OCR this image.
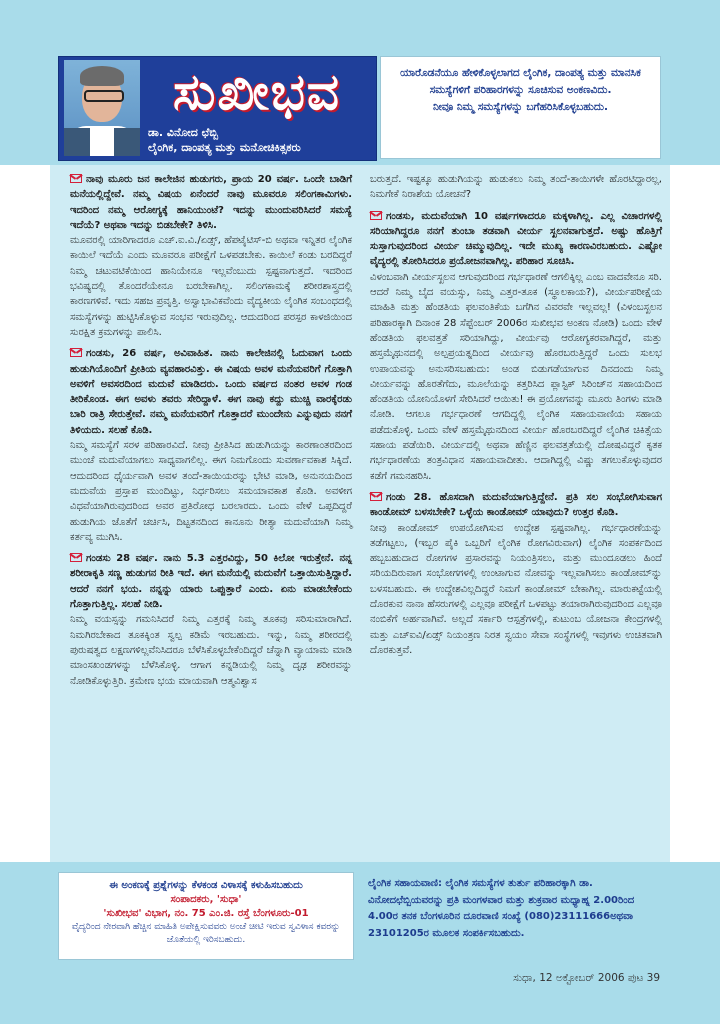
ಸುಖೀಭವ
ಡಾ. ವಿನೋದ ಛೆಬ್ಬಿ
ಲೈಂಗಿಕ, ದಾಂಪತ್ಯ ಮತ್ತು ಮನೋಚಿಕಿತ್ಸಕರು
ಯಾರೊಡನೆಯೂ ಹೇಳಿಕೊಳ್ಳಲಾಗದ ಲೈಂಗಿಕ, ದಾಂಪತ್ಯ ಮತ್ತು ಮಾನಸಿಕ ಸಮಸ್ಯೆಗಳಿಗೆ ಪರಿಹಾರಗಳನ್ನು ಸೂಚಿಸುವ ಅಂಕಣವಿದು.
ನೀವೂ ನಿಮ್ಮ ಸಮಸ್ಯೆಗಳನ್ನು ಬಗೆಹರಿಸಿಕೊಳ್ಳಬಹುದು.

ನಾವು ಮೂರು ಜನ ಕಾಲೇಜಿನ ಹುಡುಗರು, ಪ್ರಾಯ 20 ವರ್ಷ. ಒಂದೇ ಬಾಡಿಗೆ ಮನೆಯಲ್ಲಿದ್ದೇವೆ. ನಮ್ಮ ವಿಷಯ ಏನೆಂದರೆ ನಾವು ಮೂವರೂ ಸಲಿಂಗಕಾಮಿಗಳು. ಇದರಿಂದ ನಮ್ಮ ಆರೋಗ್ಯಕ್ಕೆ ಹಾನಿಯುಂಟೆ? ಇದನ್ನು ಮುಂದುವರಿಸಿದರೆ ಸಮಸ್ಯೆ ಇದೆಯೆ? ಅಥವಾ ಇದನ್ನು ಬಿಡಬೇಕೇ? ತಿಳಿಸಿ.

ಮೂವರಲ್ಲಿ ಯಾರಿಗಾದರೂ ಎಚ್.ಐ.ವಿ./ಏಡ್ಸ್, ಹೆಪಟೈಟಿಸ್-ಬಿ ಅಥವಾ ಇನ್ನಿತರ ಲೈಂಗಿಕ ಕಾಯಿಲೆ ಇದೆಯೆ ಎಂದು ಮೂವರೂ ಪರೀಕ್ಷೆಗೆ ಒಳಪಡಬೇಕು. ಕಾಯಿಲೆ ಕಂಡು ಬರದಿದ್ದರೆ ನಿಮ್ಮ ಚಟುವಟಿಕೆಯಿಂದ ಹಾನಿಯೇನೂ ಇಲ್ಲವೆಂಬುದು ಸ್ಪಷ್ಟವಾಗುತ್ತದೆ. ಇದರಿಂದ ಭವಿಷ್ಯದಲ್ಲಿ ತೊಂದರೆಯೇನೂ ಬರಬೇಕಾಗಿಲ್ಲ. ಸಲಿಂಗಕಾಮಕ್ಕೆ ಶರೀರಶಾಸ್ತ್ರದಲ್ಲಿ ಕಾರಣಗಳಿವೆ. ಇದು ಸಹಜ ಪ್ರವೃತ್ತಿ. ಅಸ್ವಾಭಾವಿಕವೆಂದು ವೈದ್ಯಕೀಯ ಲೈಂಗಿಕ ಸಂಬಂಧದಲ್ಲಿ ಸಮಸ್ಯೆಗಳನ್ನು ಹುಟ್ಟಿಸಿಕೊಳ್ಳುವ ಸಂಭವ ಇರುವುದಿಲ್ಲ. ಆದುದರಿಂದ ಪರಸ್ಪರ ಕಾಳಜಿಯಿಂದ ಸುರಕ್ಷಿತ ಕ್ರಮಗಳನ್ನು ಪಾಲಿಸಿ.

ಗಂಡಸು, 26 ವರ್ಷ, ಅವಿವಾಹಿತ. ನಾನು ಕಾಲೇಜಿನಲ್ಲಿ ಓದುವಾಗ ಒಂದು ಹುಡುಗಿಯೊಂದಿಗೆ ಪ್ರೀತಿಯ ವ್ಯವಹಾರವಿತ್ತು. ಈ ವಿಷಯ ಅವಳ ಮನೆಯವರಿಗೆ ಗೊತ್ತಾಗಿ ಅವಳಿಗೆ ಅವಸರದಿಂದ ಮದುವೆ ಮಾಡಿದರು. ಒಂದು ವರ್ಷದ ನಂತರ ಅವಳ ಗಂಡ ತೀರಿಕೊಂಡ. ಈಗ ಅವಳು ತವರು ಸೇರಿದ್ದಾಳೆ. ಈಗ ನಾವು ಕದ್ದು ಮುಚ್ಚಿ ವಾರಕ್ಕೆರಡು ಬಾರಿ ರಾತ್ರಿ ಸೇರುತ್ತೇವೆ. ನಮ್ಮ ಮನೆಯವರಿಗೆ ಗೊತ್ತಾದರೆ ಮುಂದೇನು ಎನ್ನುವುದು ನನಗೆ ತಿಳಿಯದು. ಸಲಹೆ ಕೊಡಿ.

ನಿಮ್ಮ ಸಮಸ್ಯೆಗೆ ಸರಳ ಪರಿಹಾರವಿದೆ. ನೀವು ಪ್ರೀತಿಸಿದ ಹುಡುಗಿಯನ್ನು ಕಾರಣಾಂತರದಿಂದ ಮುಂಚೆ ಮದುವೆಯಾಗಲು ಸಾಧ್ಯವಾಗಲಿಲ್ಲ. ಈಗ ನಿಮಗೊಂದು ಸುವರ್ಣಾವಕಾಶ ಸಿಕ್ಕಿದೆ. ಆದುದರಿಂದ ಧೈರ್ಯವಾಗಿ ಅವಳ ತಂದೆ-ತಾಯಿಯರನ್ನು ಭೇಟಿ ಮಾಡಿ, ಅನುನಯದಿಂದ ಮದುವೆಯ ಪ್ರಸ್ತಾಪ ಮುಂದಿಟ್ಟು, ನಿರ್ಧರಿಸಲು ಸಮಯಾವಕಾಶ ಕೊಡಿ. ಅವಳೀಗ ವಿಧವೆಯಾಗಿರುವುದರಿಂದ ಅವರ ಪ್ರತಿರೋಧ ಬರಲಾರದು. ಒಂದು ವೇಳೆ ಒಪ್ಪದಿದ್ದರೆ ಹುಡುಗಿಯ ಜೊತೆಗೆ ಚರ್ಚಿಸಿ, ದಿಟ್ಟತನದಿಂದ ಕಾನೂನು ರೀತ್ಯಾ ಮದುವೆಯಾಗಿ ನಿಮ್ಮ ಕರ್ತವ್ಯ ಮುಗಿಸಿ.

ಗಂಡಸು 28 ವರ್ಷ. ನಾನು 5.3 ಎತ್ತರವಿದ್ದು, 50 ಕಿಲೋ ಇರುತ್ತೇನೆ. ನನ್ನ ಶರೀರಾಕೃತಿ ಸಣ್ಣ ಹುಡುಗನ ರೀತಿ ಇದೆ. ಈಗ ಮನೆಯಲ್ಲಿ ಮದುವೆಗೆ ಒತ್ತಾಯಿಸುತ್ತಿದ್ದಾರೆ. ಆದರೆ ನನಗೆ ಭಯ. ನನ್ನನ್ನು ಯಾರು ಒಪ್ಪುತ್ತಾರೆ ಎಂದು. ಏನು ಮಾಡಬೇಕೆಂದು ಗೊತ್ತಾಗುತ್ತಿಲ್ಲ. ಸಲಹೆ ನೀಡಿ.

ನಿಮ್ಮ ವಯಸ್ಸನ್ನು ಗಮನಿಸಿದರೆ ನಿಮ್ಮ ಎತ್ತರಕ್ಕೆ ನಿಮ್ಮ ತೂಕವು ಸರಿಸುಮಾರಾಗಿದೆ. ನಿಮಗಿರಬೇಕಾದ ತೂಕಕ್ಕಿಂತ ಸ್ವಲ್ಪ ಕಡಿಮೆ ಇರಬಹುದು. ಇನ್ನು, ನಿಮ್ಮ ಶರೀರದಲ್ಲಿ ಪುರುಷತ್ವದ ಲಕ್ಷಣಗಳಿಲ್ಲವೆನಿಸಿದರೂ ಬೆಳೆಸಿಕೊಳ್ಳಬೇಕೆಂದಿದ್ದರೆ ಚೆನ್ನಾಗಿ ವ್ಯಾಯಾಮ ಮಾಡಿ ಮಾಂಸಖಂಡಗಳನ್ನು ಬೆಳೆಸಿಕೊಳ್ಳಿ. ಆಗಾಗ ಕನ್ನಡಿಯಲ್ಲಿ ನಿಮ್ಮ ದೃಢ ಶರೀರವನ್ನು ನೋಡಿಕೊಳ್ಳುತ್ತಿರಿ. ಕ್ರಮೇಣ ಭಯ ಮಾಯವಾಗಿ ಆತ್ಮವಿಶ್ವಾಸ

ಬರುತ್ತದೆ. ಇಷ್ಟಕ್ಕೂ ಹುಡುಗಿಯನ್ನು ಹುಡುಕಲು ನಿಮ್ಮ ತಂದೆ-ತಾಯಿಗಳೇ ಹೊರಟಿದ್ದಾರಲ್ಲ, ನಿಮಗೇಕೆ ನಿರಾಶೆಯ ಯೋಚನೆ?

ಗಂಡಸು, ಮದುವೆಯಾಗಿ 10 ವರ್ಷಗಳಾದರೂ ಮಕ್ಕಳಾಗಿಲ್ಲ. ಎಲ್ಲ ವಿಚಾರಗಳಲ್ಲಿ ಸರಿಯಾಗಿದ್ದರೂ ನನಗೆ ತುಂಬಾ ತಡವಾಗಿ ವೀರ್ಯ ಸ್ಖಲನವಾಗುತ್ತದೆ. ಅಷ್ಟು ಹೊತ್ತಿಗೆ ಸುಸ್ತಾಗುವುದರಿಂದ ವೀರ್ಯ ಚಿಮ್ಮುವುದಿಲ್ಲ. ಇದೇ ಮುಖ್ಯ ಕಾರಣವಿರಬಹುದು. ಎಷ್ಟೋ ವೈದ್ಯರಲ್ಲಿ ತೋರಿಸಿದರೂ ಪ್ರಯೋಜನವಾಗಿಲ್ಲ. ಪರಿಹಾರ ಸೂಚಿಸಿ.

ವಿಳಂಬವಾಗಿ ವೀರ್ಯಸ್ಖಲನ ಆಗುವುದರಿಂದ ಗರ್ಭಧಾರಣೆ ಆಗಲಿಕ್ಕಿಲ್ಲ ಎಂಬ ವಾದವೇನೂ ಸರಿ. ಆದರೆ ನಿಮ್ಮ ಬೈದ ವಯಸ್ಸು, ನಿಮ್ಮ ಎತ್ತರ-ತೂಕ (ಸ್ಥೂಲಕಾಯ?), ವೀರ್ಯಪರೀಕ್ಷೆಯ ಮಾಹಿತಿ ಮತ್ತು ಹೆಂಡತಿಯ ಫಲವಂತಿಕೆಯ ಬಗೆಗಿನ ವಿವರವೇ ಇಲ್ಲವಲ್ಲ! (ವಿಳಂಬಸ್ಖಲನ ಪರಿಹಾರಕ್ಕಾಗಿ ದಿನಾಂಕ 28 ಸೆಪ್ಟೆಂಬರ್ 2006ರ ಸುಖೀಭವ ಅಂಕಣ ನೋಡಿ) ಒಂದು ವೇಳೆ ಹೆಂಡತಿಯ ಫಲವತ್ತತೆ ಸರಿಯಾಗಿದ್ದು, ವೀರ್ಯವು ಆರೋಗ್ಯಕರವಾಗಿದ್ದರೆ, ಮತ್ತು ಹಸ್ತಮೈಥುನದಲ್ಲಿ ಅಲ್ಪಪ್ರಯತ್ನದಿಂದ ವೀರ್ಯವು ಹೊರಬರುತ್ತಿದ್ದರೆ ಒಂದು ಸುಲಭ ಉಪಾಯವನ್ನು ಅನುಸರಿಸಬಹುದು: ಅಂಡ ಬಿಡುಗಡೆಯಾಗುವ ದಿನದಂದು ನಿಮ್ಮ ವೀರ್ಯವನ್ನು ಹೊರತೆಗೆದು, ಮೂಲೆಯನ್ನು ಕತ್ತರಿಸಿದ ಪ್ಲಾಸ್ಟಿಕ್ ಸಿರಿಂಜ್‌ನ ಸಹಾಯದಿಂದ ಹೆಂಡತಿಯ ಯೋನಿಯೊಳಗೆ ಸೇರಿಸಿದರೆ ಆಯಿತು! ಈ ಪ್ರಯೋಗವನ್ನು ಮೂರು ತಿಂಗಳು ಮಾಡಿ ನೋಡಿ. ಆಗಲೂ ಗರ್ಭಧಾರಣೆ ಆಗದಿದ್ದಲ್ಲಿ ಲೈಂಗಿಕ ಸಹಾಯವಾಣಿಯ ಸಹಾಯ ಪಡೆದುಕೊಳ್ಳಿ. ಒಂದು ವೇಳೆ ಹಸ್ತಮೈಥುನದಿಂದ ವೀರ್ಯ ಹೊರಬರದಿದ್ದರೆ ಲೈಂಗಿಕ ಚಿಕಿತ್ಸೆಯ ಸಹಾಯ ಪಡೆಯಿರಿ. ವೀರ್ಯದಲ್ಲಿ ಅಥವಾ ಹೆಣ್ಣಿನ ಫಲವತ್ತತೆಯಲ್ಲಿ ದೋಷವಿದ್ದರೆ ಕೃತಕ ಗರ್ಭಧಾರಣೆಯ ತಂತ್ರವಿಧಾನ ಸಹಾಯವಾದೀತು. ಆದಾಗಿದ್ದಲ್ಲಿ ವಿಷ್ಣು ತಗಲುಕೊಳ್ಳುವುದರ ಕಡೆಗೆ ಗಮನಹರಿಸಿ.

ಗಂಡು 28. ಹೊಸದಾಗಿ ಮದುವೆಯಾಗುತ್ತಿದ್ದೇನೆ. ಪ್ರತಿ ಸಲ ಸಂಭೋಗಿಸುವಾಗ ಕಾಂಡೋಮ್ ಬಳಸಬೇಕೇ? ಒಳ್ಳೆಯ ಕಾಂಡೋಮ್ ಯಾವುದು? ಉತ್ತರ ಕೊಡಿ.

ನೀವು ಕಾಂಡೋಮ್ ಉಪಯೋಗಿಸುವ ಉದ್ದೇಶ ಸ್ಪಷ್ಟವಾಗಿಲ್ಲ. ಗರ್ಭಧಾರಣೆಯನ್ನು ತಡೆಗಟ್ಟಲು, (ಇಬ್ಬರ ಪೈಕಿ ಒಬ್ಬರಿಗೆ ಲೈಂಗಿಕ ರೋಗವಿರುವಾಗ) ಲೈಂಗಿಕ ಸಂಪರ್ಕದಿಂದ ಹಬ್ಬಬಹುದಾದ ರೋಗಗಳ ಪ್ರಸಾರವನ್ನು ನಿಯಂತ್ರಿಸಲು, ಮತ್ತು ಮುಂದೂಡಲು ಹಿಂದೆ ಸರಿಯದಿರುವಾಗ ಸಂಭೋಗಗಳಲ್ಲಿ ಉಂಟಾಗುವ ನೋವನ್ನು ಇಲ್ಲವಾಗಿಸಲು ಕಾಂಡೋಮ್‌ನ್ನು ಬಳಸಬಹುದು. ಈ ಉದ್ದೇಶವಿಲ್ಲದಿದ್ದರೆ ನಿಮಗೆ ಕಾಂಡೋಮ್ ಬೇಕಾಗಿಲ್ಲ. ಮಾರುಕಟ್ಟೆಯಲ್ಲಿ ದೊರಕುವ ನಾನಾ ಹೆಸರುಗಳಲ್ಲಿ ಎಲ್ಲವೂ ಪರೀಕ್ಷೆಗೆ ಒಳಪಟ್ಟು ತಯಾರಾಗಿರುವುದರಿಂದ ಎಲ್ಲವೂ ನಂಬಿಕೆಗೆ ಅರ್ಹವಾಗಿವೆ. ಅಲ್ಲದೆ ಸರ್ಕಾರಿ ಆಸ್ಪತ್ರೆಗಳಲ್ಲಿ, ಕುಟುಂಬ ಯೋಜನಾ ಕೇಂದ್ರಗಳಲ್ಲಿ ಮತ್ತು ಎಚ್‌ಐವಿ/ಏಡ್ಸ್ ನಿಯಂತ್ರಣ ನಿರತ ಸ್ವಯಂ ಸೇವಾ ಸಂಸ್ಥೆಗಳಲ್ಲಿ ಇವುಗಳು ಉಚಿತವಾಗಿ ದೊರಕುತ್ತವೆ.

ಈ ಅಂಕಣಕ್ಕೆ ಪ್ರಶ್ನೆಗಳನ್ನು ಕೆಳಕಂಡ ವಿಳಾಸಕ್ಕೆ ಕಳುಹಿಸಬಹುದು
ಸಂಪಾದಕರು, 'ಸುಧಾ'
'ಸುಖೀಭವ' ವಿಭಾಗ, ನಂ. 75 ಎಂ.ಜಿ. ರಸ್ತೆ ಬೆಂಗಳೂರು-01
ವೈದ್ಯರಿಂದ ನೇರವಾಗಿ ಹೆಚ್ಚಿನ ಮಾಹಿತಿ ಅಪೇಕ್ಷಿಸುವವರು ಅಂಚೆ ಚೀಟಿ ಇರುವ ಸ್ವವಿಳಾಸ ಕವರನ್ನು ಜೊತೆಯಲ್ಲಿ ಇರಿಸಬಹುದು.
ಲೈಂಗಿಕ ಸಹಾಯವಾಣಿ: ಲೈಂಗಿಕ ಸಮಸ್ಯೆಗಳ ತುರ್ತು ಪರಿಹಾರಕ್ಕಾಗಿ ಡಾ. ವಿನೋದಛೆಬ್ಬಿಯವರನ್ನು ಪ್ರತಿ ಮಂಗಳವಾರ ಮತ್ತು ಶುಕ್ರವಾರ ಮಧ್ಯಾಹ್ನ 2.00ರಿಂದ 4.00ರ ತನಕ ಬೆಂಗಳೂರಿನ ದೂರವಾಣಿ ಸಂಖ್ಯೆ (080)23111666ಅಥವಾ 23101205ರ ಮೂಲಕ ಸಂಪರ್ಕಿಸಬಹುದು.
ಸುಧಾ, 12 ಅಕ್ಟೋಬರ್ 2006 ಪುಟ 39
